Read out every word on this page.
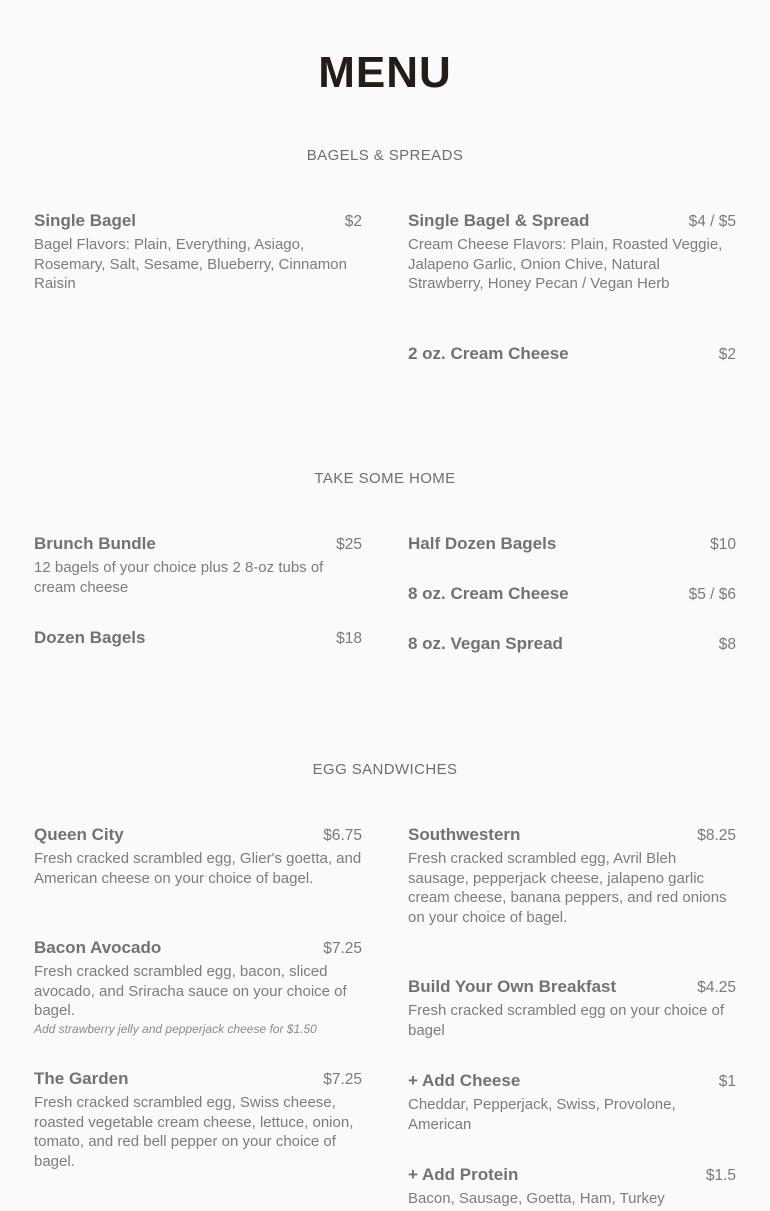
MENU
BAGELS & SPREADS
Single Bagel	$2
Bagel Flavors: Plain, Everything, Asiago, Rosemary, Salt, Sesame, Blueberry, Cinnamon Raisin
Single Bagel & Spread	$4 / $5
Cream Cheese Flavors: Plain, Roasted Veggie, Jalapeno Garlic, Onion Chive, Natural Strawberry, Honey Pecan / Vegan Herb
2 oz. Cream Cheese	$2
TAKE SOME HOME
Brunch Bundle	$25
12 bagels of your choice plus 2 8-oz tubs of cream cheese
Dozen Bagels	$18
Half Dozen Bagels	$10
8 oz. Cream Cheese	$5 / $6
8 oz. Vegan Spread	$8
EGG SANDWICHES
Queen City	$6.75
Fresh cracked scrambled egg, Glier's goetta, and American cheese on your choice of bagel.
Bacon Avocado	$7.25
Fresh cracked scrambled egg, bacon, sliced avocado, and Sriracha sauce on your choice of bagel.
Add strawberry jelly and pepperjack cheese for $1.50
The Garden	$7.25
Fresh cracked scrambled egg, Swiss cheese, roasted vegetable cream cheese, lettuce, onion, tomato, and red bell pepper on your choice of bagel.
Southwestern	$8.25
Fresh cracked scrambled egg, Avril Bleh sausage, pepperjack cheese, jalapeno garlic cream cheese, banana peppers, and red onions on your choice of bagel.
Build Your Own Breakfast	$4.25
Fresh cracked scrambled egg on your choice of bagel
+ Add Cheese	$1
Cheddar, Pepperjack, Swiss, Provolone, American
+ Add Protein	$1.5
Bacon, Sausage, Goetta, Ham, Turkey
